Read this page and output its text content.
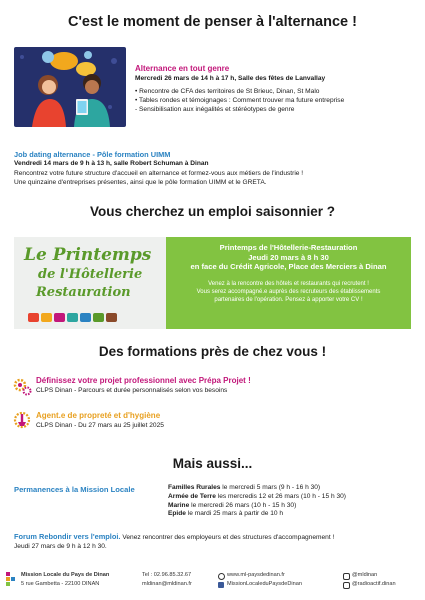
C'est le moment de penser à l'alternance !
Alternance en tout genre
Mercredi 26 mars de 14 h à 17 h, Salle des fêtes de Lanvallay
• Rencontre de CFA des territoires de St Brieuc, Dinan, St Malo
• Tables rondes et témoignages : Comment trouver ma future entreprise
- Sensibilisation aux inégalités et stéréotypes de genre
Job dating alternance - Pôle formation UIMM
Vendredi 14 mars de 9 h à 13 h, salle Robert Schuman à Dinan
Rencontrez votre future structure d'accueil en alternance et formez-vous aux métiers de l'industrie !
Une quinzaine d'entreprises présentes, ainsi que le pôle formation UIMM et le GRETA.
Vous cherchez un emploi saisonnier ?
Le Printemps
de l'Hôtellerie
Restauration
Printemps de l'Hôtellerie-Restauration
Jeudi 20 mars à 8 h 30
en face du Crédit Agricole, Place des Merciers à Dinan
Venez à la rencontre des hôtels et restaurants qui recrutent !
Vous serez accompagné.e auprès des recruteurs des établissements
partenaires de l'opération. Pensez à apporter votre CV !
Des formations près de chez vous !
Définissez votre projet professionnel avec Prépa Projet !
CLPS Dinan - Parcours et durée personnalisés selon vos besoins
Agent.e de propreté et d'hygiène
CLPS Dinan - Du 27 mars au 25 juillet 2025
Mais aussi...
Permanences à la Mission Locale	Familles Rurales le mercredi 5 mars (9 h - 16 h 30)
Armée de Terre les mercredis 12 et 26 mars (10 h - 15 h 30)
Marine le mercredi 26 mars (10 h - 15 h 30)
Epide le mardi 25 mars à partir de 10 h
Forum Rebondir vers l'emploi. Venez rencontrer des employeurs et des structures d'accompagnement !
Jeudi 27 mars de 9 h à 12 h 30.
Mission Locale du Pays de Dinan
5 rue Gambetta - 22100 DINAN
Tel : 02.96.85.32.67
mldinan@mldinan.fr
www.ml-paysdedinan.fr
MissionLocaleduPaysdeDinan
@mldinan
@radioactif.dinan
